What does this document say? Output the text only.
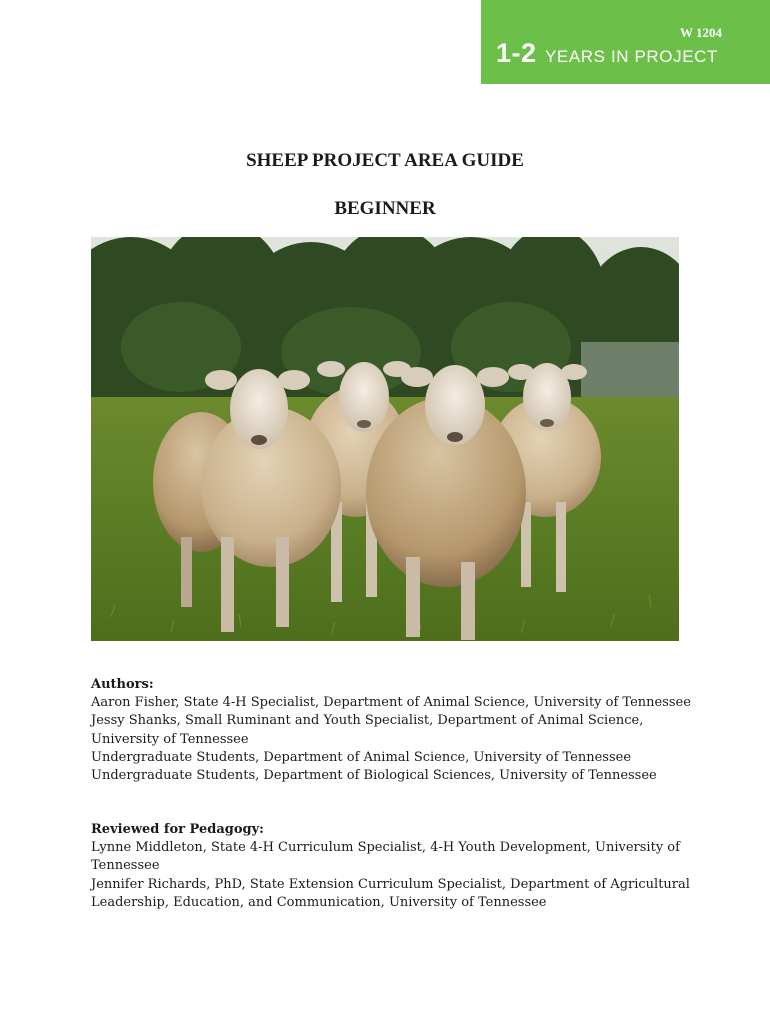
W 1204
1-2 YEARS IN PROJECT
SHEEP PROJECT AREA GUIDE
BEGINNER
Authors:
Aaron Fisher, State 4-H Specialist, Department of Animal Science, University of Tennessee
Jessy Shanks, Small Ruminant and Youth Specialist, Department of Animal Science,
University of Tennessee
Undergraduate Students, Department of Animal Science, University of Tennessee
Undergraduate Students, Department of Biological Sciences, University of Tennessee
Reviewed for Pedagogy:
Lynne Middleton, State 4-H Curriculum Specialist, 4-H Youth Development, University of
Tennessee
Jennifer Richards, PhD, State Extension Curriculum Specialist, Department of Agricultural
Leadership, Education, and Communication, University of Tennessee
